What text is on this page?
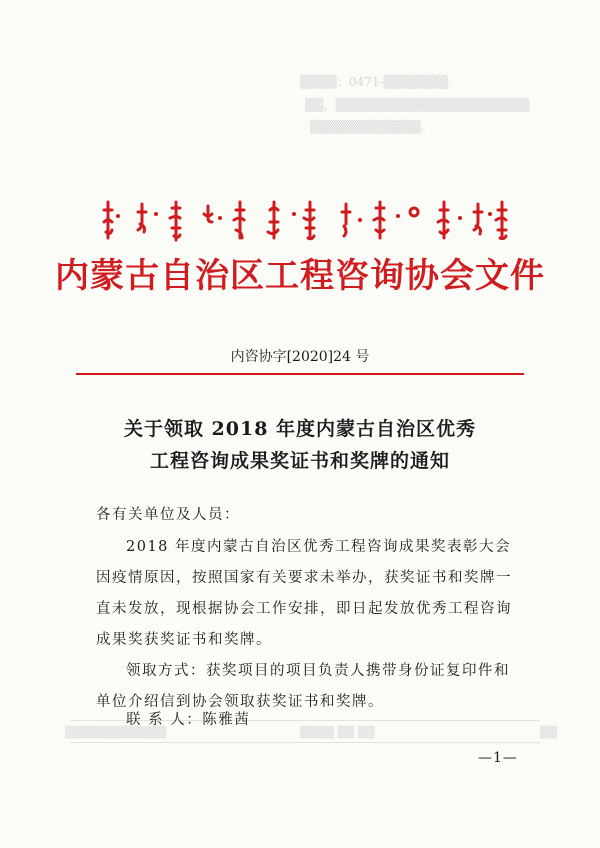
▒▒▒▒：0471-▒▒▒▒▒▒▒
▒▒，▒▒▒▒▒▒▒▒▒▒▒▒▒▒▒▒▒▒▒▒▒
▒▒▒▒▒▒▒▒▒▒▒▒。
▒▒▒▒▒▒▒▒▒▒▒▒	▒▒▒▒ ▒▒ ▒▒	▒▒
内蒙古自治区工程咨询协会文件
内咨协字[2020]24 号
关于领取 2018 年度内蒙古自治区优秀
工程咨询成果奖证书和奖牌的通知
各有关单位及人员：
2018 年度内蒙古自治区优秀工程咨询成果奖表彰大会因疫情原因，按照国家有关要求未举办，获奖证书和奖牌一直未发放，现根据协会工作安排，即日起发放优秀工程咨询成果奖获奖证书和奖牌。
领取方式：获奖项目的项目负责人携带身份证复印件和单位介绍信到协会领取获奖证书和奖牌。
联 系 人：陈雅茜
—1—
